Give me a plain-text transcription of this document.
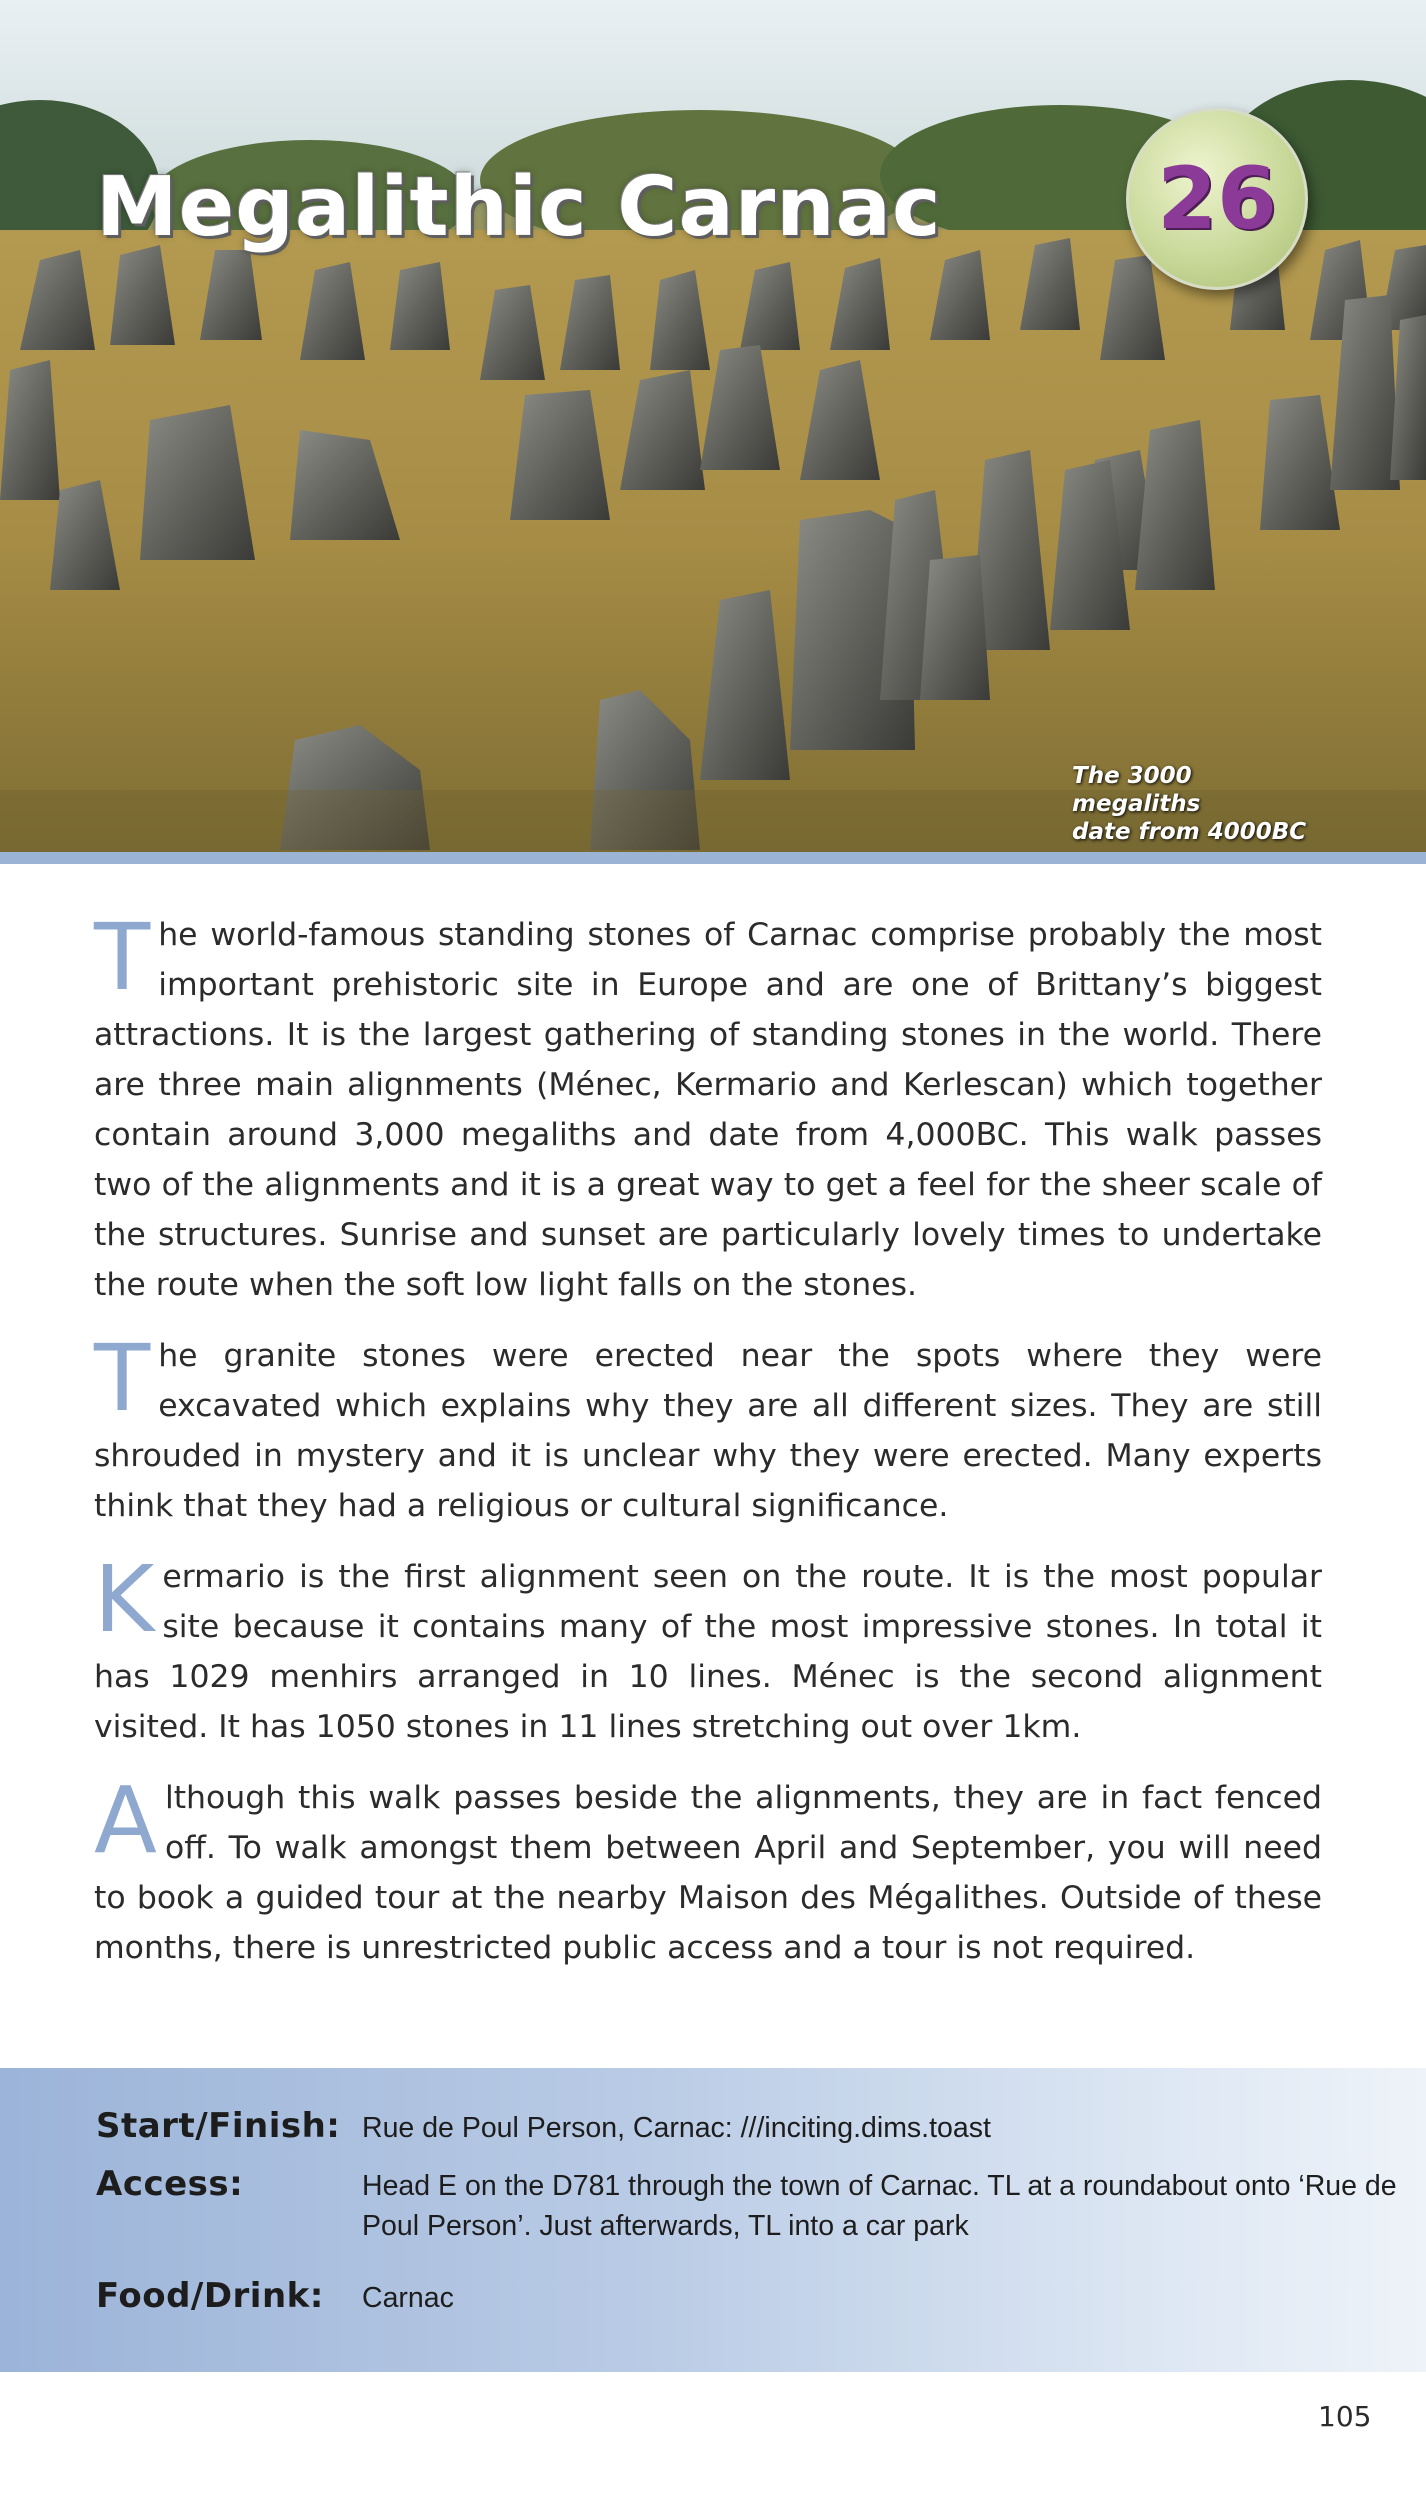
Megalithic Carnac	26
The 3000 megaliths
date from 4000BC

The world-famous standing stones of Carnac comprise probably the most important prehistoric site in Europe and are one of Brittany’s biggest attractions. It is the largest gathering of standing stones in the world. There are three main alignments (Ménec, Kermario and Kerlescan) which together contain around 3,000 megaliths and date from 4,000BC. This walk passes two of the alignments and it is a great way to get a feel for the sheer scale of the structures. Sunrise and sunset are particularly lovely times to undertake the route when the soft low light falls on the stones.

The granite stones were erected near the spots where they were excavated which explains why they are all different sizes. They are still shrouded in mystery and it is unclear why they were erected. Many experts think that they had a religious or cultural significance.

Kermario is the first alignment seen on the route. It is the most popular site because it contains many of the most impressive stones. In total it has 1029 menhirs arranged in 10 lines. Ménec is the second alignment visited. It has 1050 stones in 11 lines stretching out over 1km.

Although this walk passes beside the alignments, they are in fact fenced off. To walk amongst them between April and September, you will need to book a guided tour at the nearby Maison des Mégalithes. Outside of these months, there is unrestricted public access and a tour is not required.

Start/Finish: Rue de Poul Person, Carnac: ///inciting.dims.toast
Access:	Head E on the D781 through the town of Carnac. TL at a roundabout onto ‘Rue de Poul Person’. Just afterwards, TL into a car park
Food/Drink:	Carnac
105
